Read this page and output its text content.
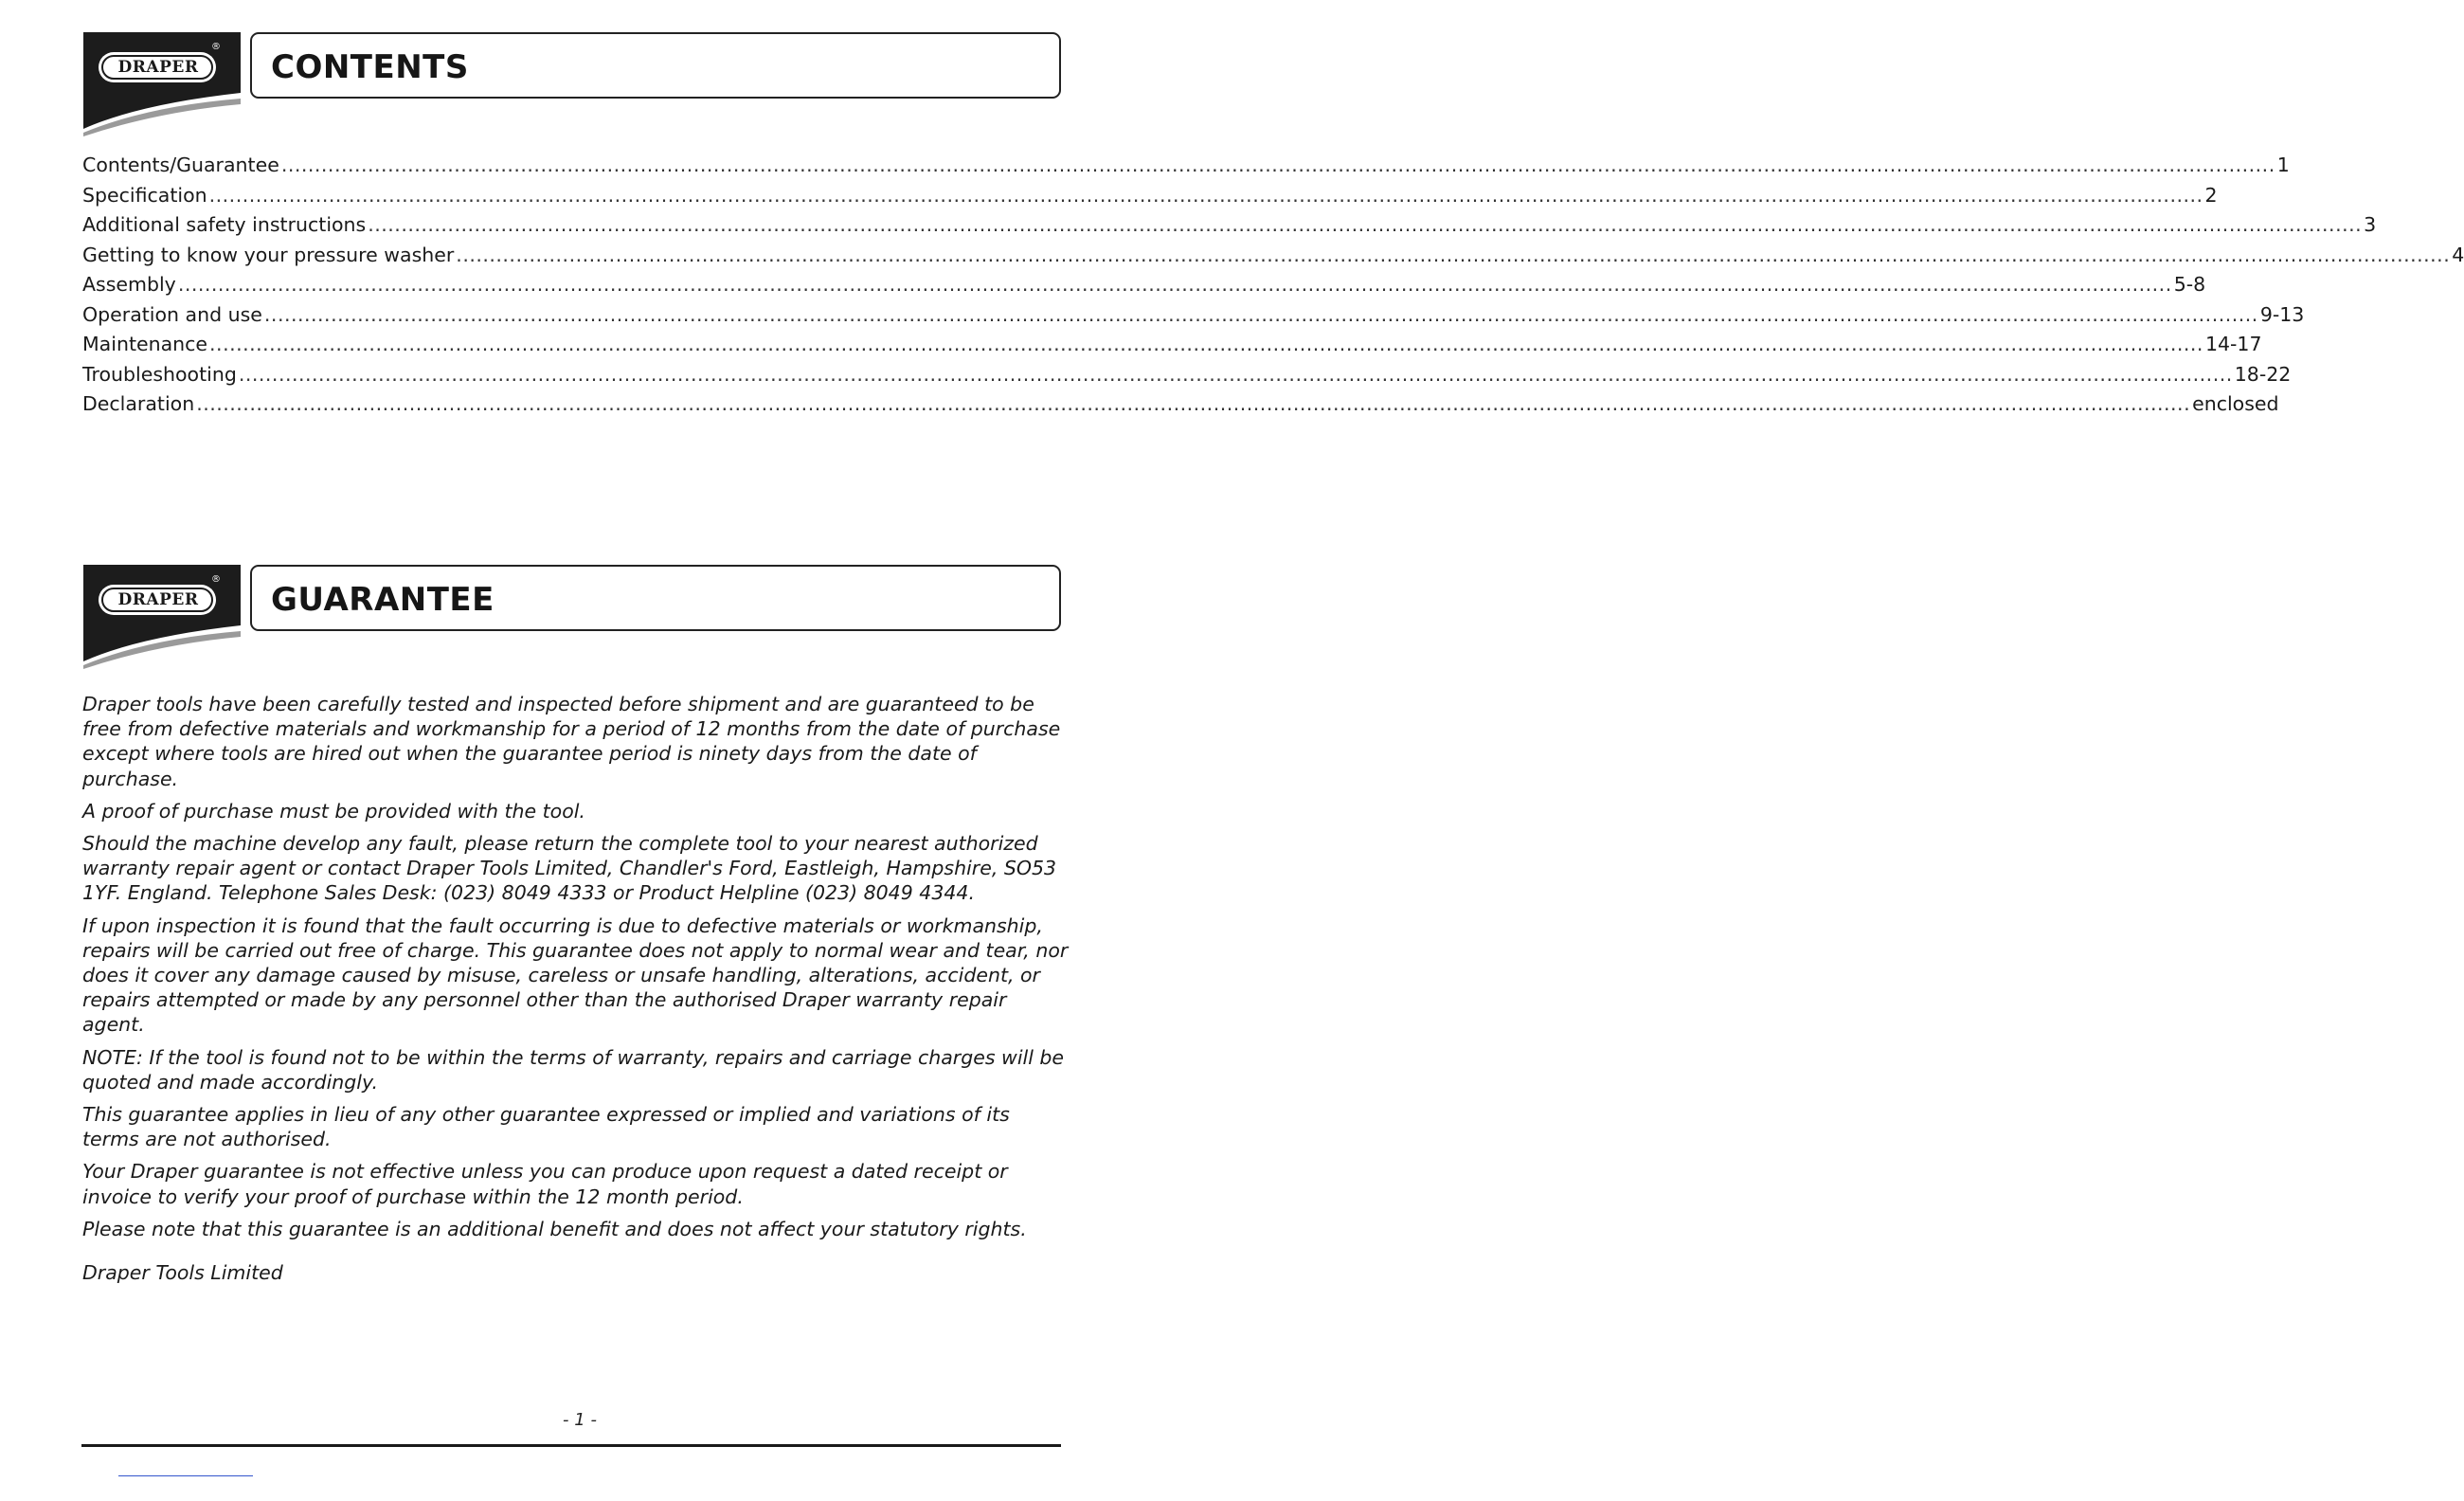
DRAPER
®
CONTENTS
Contents/Guarantee ............................................................................................................................................................................................................................................................................................................ 1
Specification ............................................................................................................................................................................................................................................................................................................ 2
Additional safety instructions ............................................................................................................................................................................................................................................................................................................ 3
Getting to know your pressure washer ............................................................................................................................................................................................................................................................................................................ 4
Assembly ............................................................................................................................................................................................................................................................................................................ 5-8
Operation and use ............................................................................................................................................................................................................................................................................................................ 9-13
Maintenance ............................................................................................................................................................................................................................................................................................................ 14-17
Troubleshooting ............................................................................................................................................................................................................................................................................................................ 18-22
Declaration ............................................................................................................................................................................................................................................................................................................ enclosed
DRAPER
®
GUARANTEE

Draper tools have been carefully tested and inspected before shipment and are guaranteed to be free from defective materials and workmanship for a period of 12 months from the date of purchase except where tools are hired out when the guarantee period is ninety days from the date of purchase.

A proof of purchase must be provided with the tool.

Should the machine develop any fault, please return the complete tool to your nearest authorized warranty repair agent or contact Draper Tools Limited, Chandler's Ford, Eastleigh, Hampshire, SO53 1YF. England. Telephone Sales Desk: (023) 8049 4333 or Product Helpline (023) 8049 4344.

If upon inspection it is found that the fault occurring is due to defective materials or workmanship, repairs will be carried out free of charge. This guarantee does not apply to normal wear and tear, nor does it cover any damage caused by misuse, careless or unsafe handling, alterations, accident, or repairs attempted or made by any personnel other than the authorised Draper warranty repair agent.

NOTE: If the tool is found not to be within the terms of warranty, repairs and carriage charges will be quoted and made accordingly.

This guarantee applies in lieu of any other guarantee expressed or implied and variations of its terms are not authorised.

Your Draper guarantee is not effective unless you can produce upon request a dated receipt or invoice to verify your proof of purchase within the 12 month period.

Please note that this guarantee is an additional benefit and does not affect your statutory rights.

Draper Tools Limited

- 1 -
